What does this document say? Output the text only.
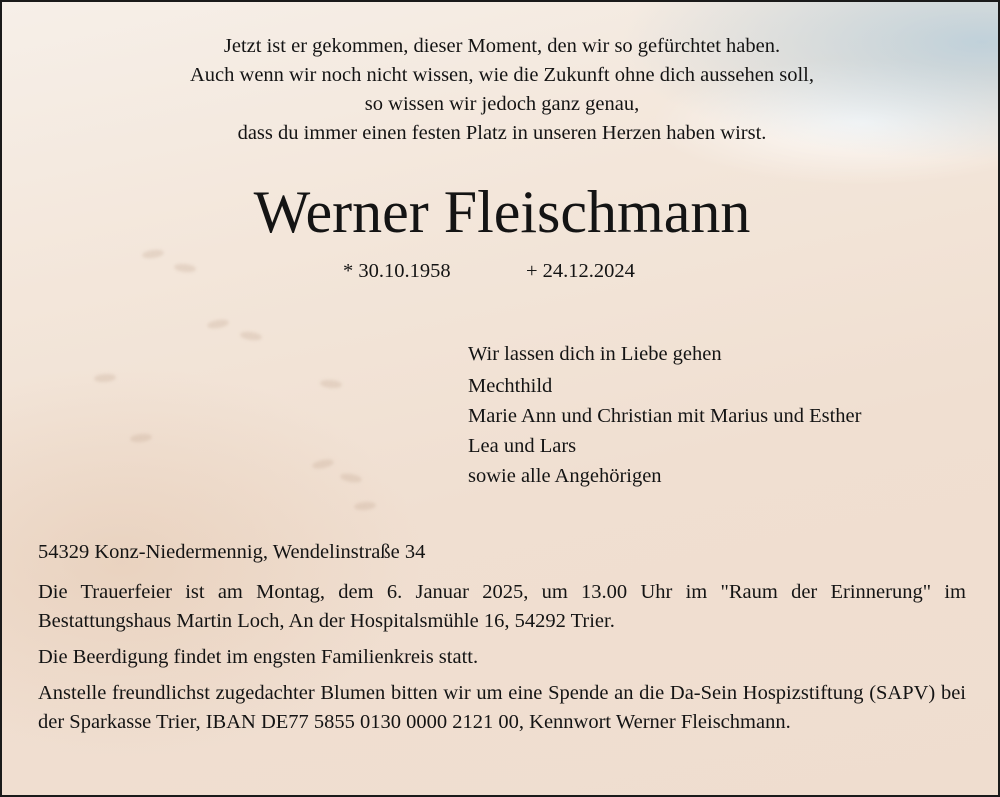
Jetzt ist er gekommen, dieser Moment, den wir so gefürchtet haben.
Auch wenn wir noch nicht wissen, wie die Zukunft ohne dich aussehen soll,
so wissen wir jedoch ganz genau,
dass du immer einen festen Platz in unseren Herzen haben wirst.
Werner Fleischmann
* 30.10.1958	+ 24.12.2024
Wir lassen dich in Liebe gehen
Mechthild
Marie Ann und Christian mit Marius und Esther
Lea und Lars
sowie alle Angehörigen
54329 Konz-Niedermennig, Wendelinstraße 34

Die Trauerfeier ist am Montag, dem 6. Januar 2025, um 13.00 Uhr im "Raum der Erinnerung" im Bestattungshaus Martin Loch, An der Hospitalsmühle 16, 54292 Trier.

Die Beerdigung findet im engsten Familienkreis statt.

Anstelle freundlichst zugedachter Blumen bitten wir um eine Spende an die Da-Sein Hospizstiftung (SAPV) bei der Sparkasse Trier, IBAN DE77 5855 0130 0000 2121 00, Kennwort Werner Fleischmann.
